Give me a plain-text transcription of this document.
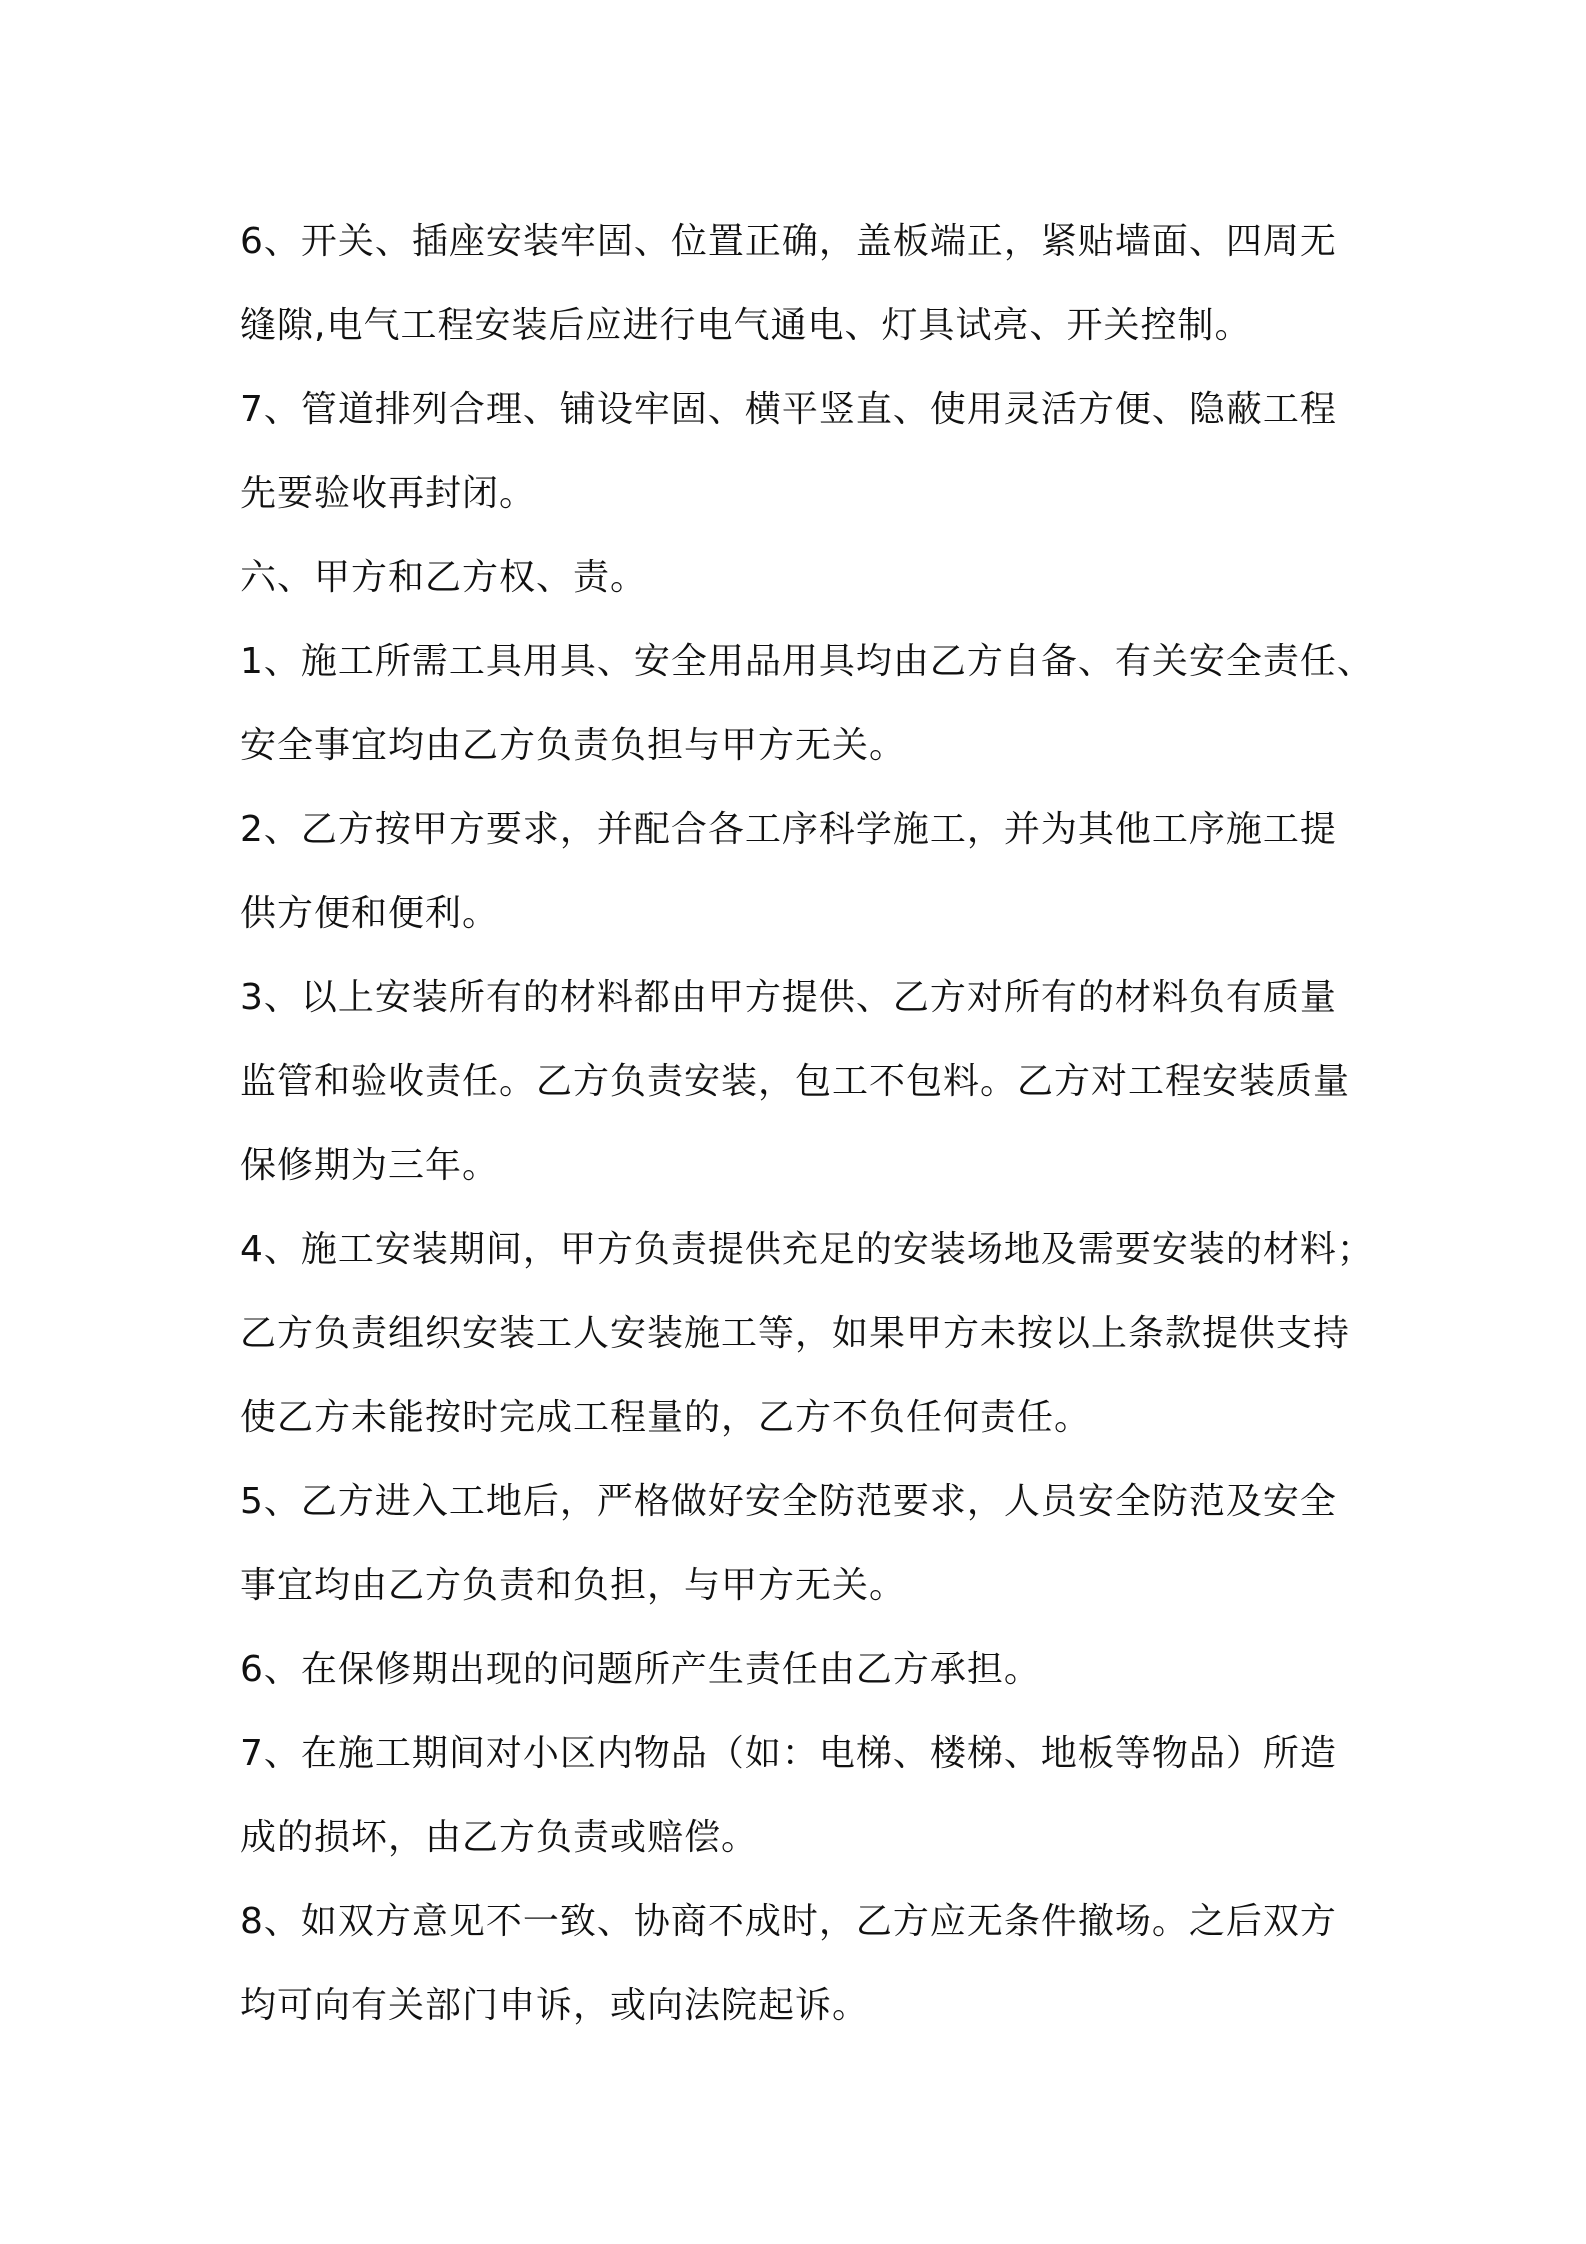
6、开关、插座安装牢固、位置正确，盖板端正，紧贴墙面、四周无
缝隙,电气工程安装后应进行电气通电、灯具试亮、开关控制。

7、管道排列合理、铺设牢固、横平竖直、使用灵活方便、隐蔽工程
先要验收再封闭。

六、甲方和乙方权、责。

1、施工所需工具用具、安全用品用具均由乙方自备、有关安全责任、
安全事宜均由乙方负责负担与甲方无关。

2、乙方按甲方要求，并配合各工序科学施工，并为其他工序施工提
供方便和便利。

3、以上安装所有的材料都由甲方提供、乙方对所有的材料负有质量
监管和验收责任。乙方负责安装，包工不包料。乙方对工程安装质量
保修期为三年。

4、施工安装期间，甲方负责提供充足的安装场地及需要安装的材料；
乙方负责组织安装工人安装施工等，如果甲方未按以上条款提供支持
使乙方未能按时完成工程量的，乙方不负任何责任。

5、乙方进入工地后，严格做好安全防范要求，人员安全防范及安全
事宜均由乙方负责和负担，与甲方无关。

6、在保修期出现的问题所产生责任由乙方承担。

7、在施工期间对小区内物品（如：电梯、楼梯、地板等物品）所造
成的损坏，由乙方负责或赔偿。

8、如双方意见不一致、协商不成时，乙方应无条件撤场。之后双方
均可向有关部门申诉，或向法院起诉。
